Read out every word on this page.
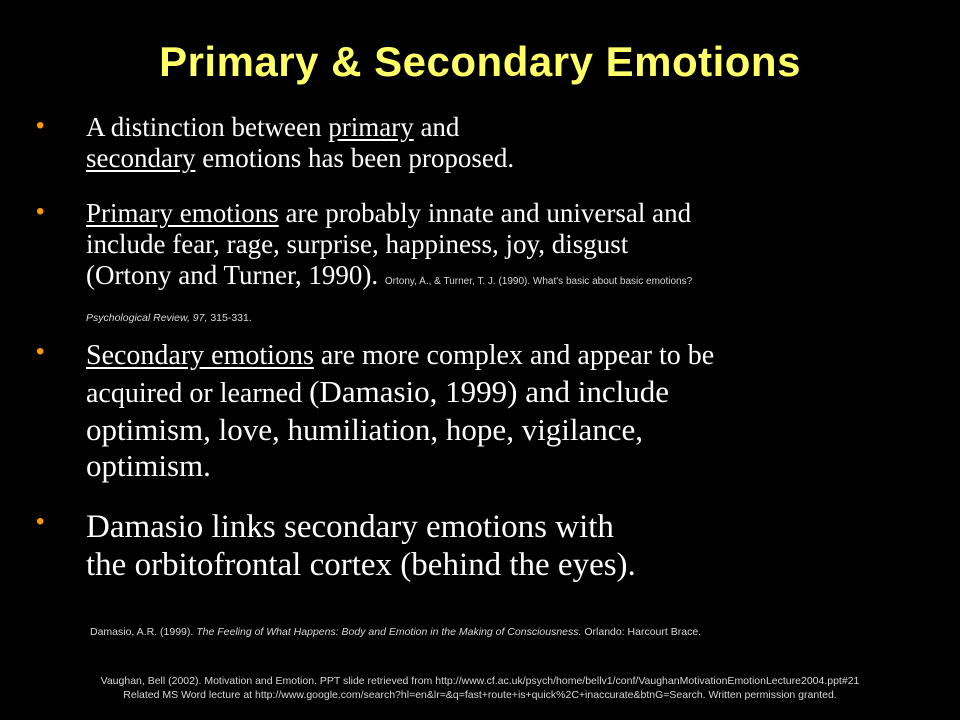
Primary & Secondary Emotions
• A distinction between primary and
secondary emotions has been proposed.
• Primary emotions are probably innate and universal and
include fear, rage, surprise, happiness, joy, disgust
(Ortony and Turner, 1990). Ortony, A., & Turner, T. J. (1990). What's basic about basic emotions?
Psychological Review, 97, 315-331.
• Secondary emotions are more complex and appear to be
acquired or learned (Damasio, 1999) and include
optimism, love, humiliation, hope, vigilance,
optimism.
• Damasio links secondary emotions with
the orbitofrontal cortex (behind the eyes).
Damasio, A.R. (1999). The Feeling of What Happens: Body and Emotion in the Making of Consciousness. Orlando: Harcourt Brace.
Vaughan, Bell (2002). Motivation and Emotion. PPT slide retrieved from http://www.cf.ac.uk/psych/home/bellv1/conf/VaughanMotivationEmotionLecture2004.ppt#21
Related MS Word lecture at http://www.google.com/search?hl=en&lr=&q=fast+route+is+quick%2C+inaccurate&btnG=Search. Written permission granted.
